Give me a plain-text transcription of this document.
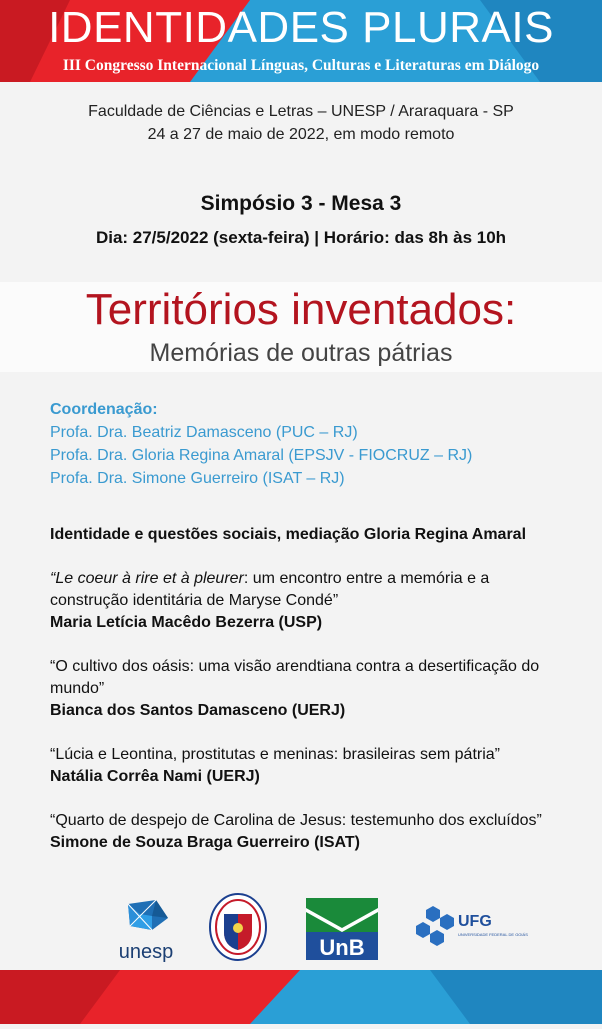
IDENTIDADES PLURAIS
III Congresso Internacional Línguas, Culturas e Literaturas em Diálogo
Faculdade de Ciências e Letras – UNESP / Araraquara - SP
24 a 27 de maio de 2022, em modo remoto
Simpósio 3 - Mesa 3
Dia: 27/5/2022 (sexta-feira) | Horário: das 8h às 10h
Territórios inventados:
Memórias de outras pátrias
Coordenação:
Profa. Dra. Beatriz Damasceno (PUC – RJ)
Profa. Dra. Gloria Regina Amaral (EPSJV - FIOCRUZ – RJ)
Profa. Dra. Simone Guerreiro (ISAT – RJ)
Identidade e questões sociais, mediação Gloria Regina Amaral
“Le coeur à rire et à pleurer: um encontro entre a memória e a construção identitária de Maryse Condé”
Maria Letícia Macêdo Bezerra (USP)
“O cultivo dos oásis: uma visão arendtiana contra a desertificação do mundo”
Bianca dos Santos Damasceno (UERJ)
“Lúcia e Leontina, prostitutas e meninas: brasileiras sem pátria”
Natália Corrêa Nami (UERJ)
“Quarto de despejo de Carolina de Jesus: testemunho dos excluídos”
Simone de Souza Braga Guerreiro (ISAT)
unesp	UnB
UFG
UNIVERSIDADE FEDERAL DE GOIÁS
